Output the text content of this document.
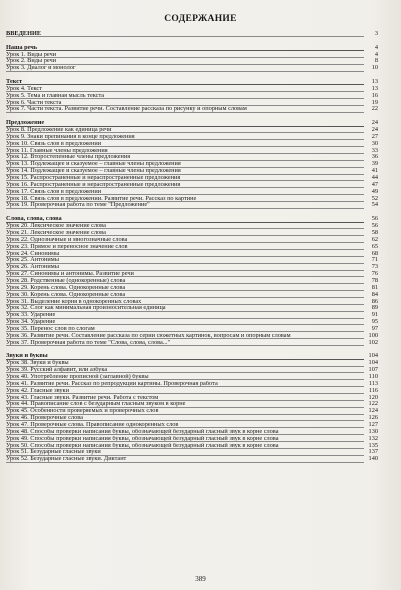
СОДЕРЖАНИЕ
ВВЕДЕНИЕ	3
Наша речь	4
Урок 1. Виды речи	4
Урок 2. Виды речи	8
Урок 3. Диалог и монолог	10
Текст	13
Урок 4. Текст	13
Урок 5. Тема и главная мысль текста	16
Урок 6. Части текста	19
Урок 7. Части текста. Развитие речи. Составление рассказа по рисунку и опорным словам	22
Предложение	24
Урок 8. Предложение как единица речи	24
Урок 9. Знаки препинания в конце предложения	27
Урок 10. Связь слов в предложении	30
Урок 11. Главные члены предложения	33
Урок 12. Второстепенные члены предложения	36
Урок 13. Подлежащее и сказуемое – главные члены предложения	39
Урок 14. Подлежащее и сказуемое – главные члены предложения	41
Урок 15. Распространенные и нераспространенные предложения	44
Урок 16. Распространенные и нераспространенные предложения	47
Урок 17. Связь слов в предложении	49
Урок 18. Связь слов в предложении. Развитие речи. Рассказ по картине	52
Урок 19. Проверочная работа по теме "Предложение"	54
Слова, слова, слова	56
Урок 20. Лексическое значение слова	56
Урок 21. Лексическое значение слова	58
Урок 22. Однозначные и многозначные слова	62
Урок 23. Прямое и переносное значение слов	65
Урок 24. Синонимы	68
Урок 25. Антонимы	71
Урок 26. Антонимы	73
Урок 27. Синонимы и антонимы. Развитие речи	76
Урок 28. Родственные (однокоренные) слова	78
Урок 29. Корень слова. Однокоренные слова	81
Урок 30. Корень слова. Однокоренные слова	84
Урок 31. Выделение корня в однокоренных словах	86
Урок 32. Слог как минимальная произносительная единица	89
Урок 33. Ударение	91
Урок 34. Ударение	95
Урок 35. Перенос слов по слогам	97
Урок 36. Развитие речи. Составление рассказа по серии сюжетных картинок, вопросам и опорным словам	100
Урок 37. Проверочная работа по теме "Слова, слова, слова..."	102
Звуки и буквы	104
Урок 38. Звуки и буквы	104
Урок 39. Русский алфавит, или азбука	107
Урок 40. Употребление прописной (заглавной) буквы	110
Урок 41. Развитие речи. Рассказ по репродукции картины. Проверочная работа	113
Урок 42. Гласные звуки	116
Урок 43. Гласные звуки. Развитие речи. Работа с текстом	120
Урок 44. Правописание слов с безударным гласным звуком в корне	122
Урок 45. Особенности проверяемых и проверочных слов	124
Урок 46. Проверочные слова	126
Урок 47. Проверочные слова. Правописание однокоренных слов	127
Урок 48. Способы проверки написания буквы, обозначающей безударный гласный звук в корне слова	130
Урок 49. Способы проверки написания буквы, обозначающей безударный гласный звук в корне слова	132
Урок 50. Способы проверки написания буквы, обозначающей безударный гласный звук в корне слова	135
Урок 51. Безударные гласные звуки	137
Урок 52. Безударные гласные звуки. Диктант	140
389
